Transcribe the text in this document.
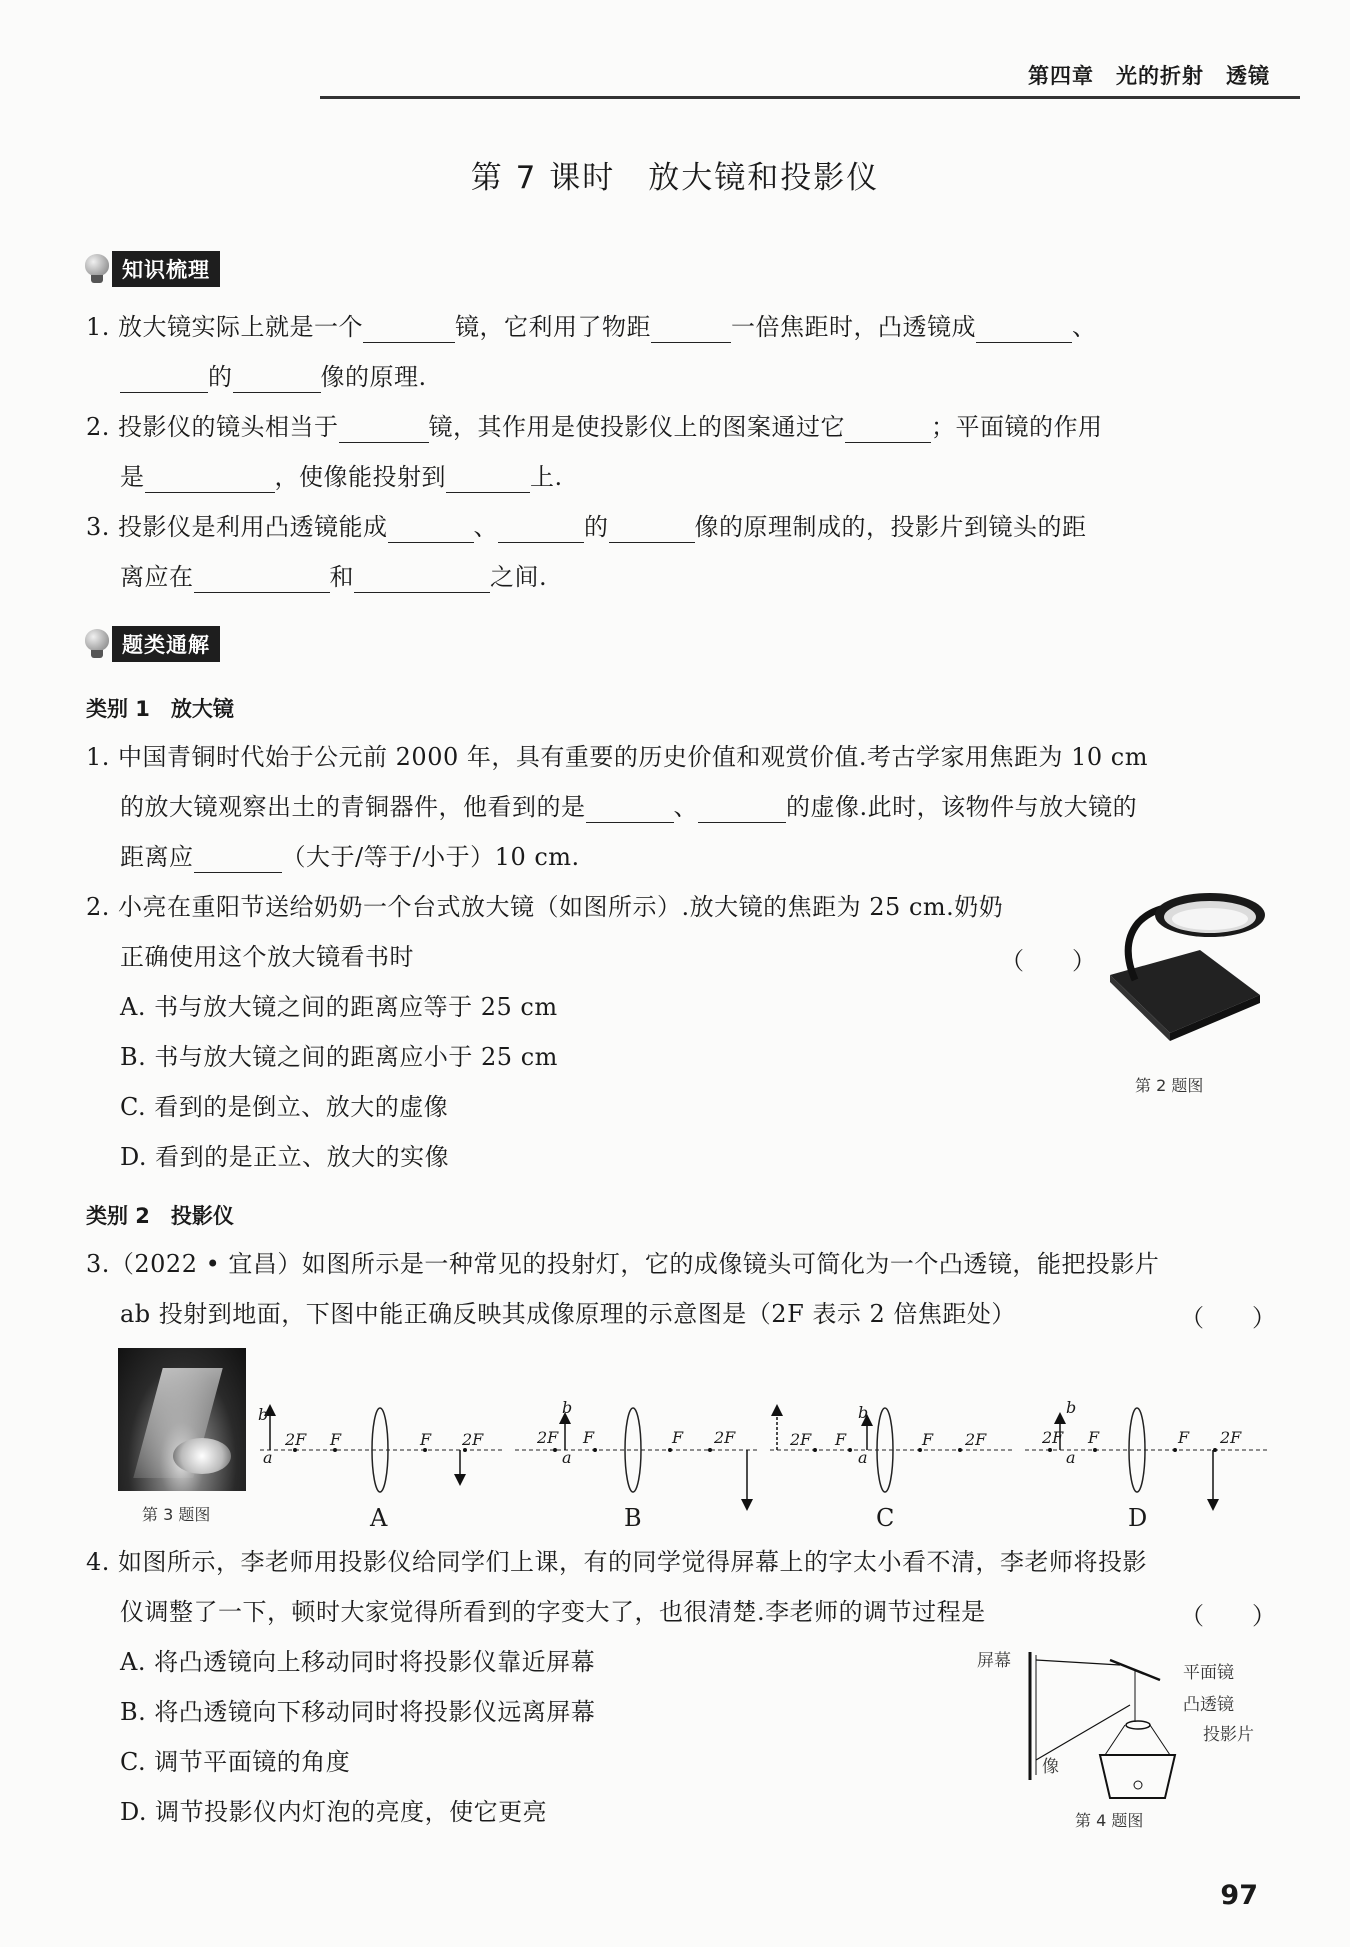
第四章　光的折射　透镜
第 7 课时　放大镜和投影仪
知识梳理
1. 放大镜实际上就是一个	镜，它利用了物距	一倍焦距时，凸透镜成	、
的	像的原理.
2. 投影仪的镜头相当于	镜，其作用是使投影仪上的图案通过它	；平面镜的作用
是	，使像能投射到	上.
3. 投影仪是利用凸透镜能成	、	的	像的原理制成的，投影片到镜头的距
离应在	和	之间.
题类通解
类别 1　放大镜
1. 中国青铜时代始于公元前 2000 年，具有重要的历史价值和观赏价值.考古学家用焦距为 10 cm
的放大镜观察出土的青铜器件，他看到的是	、	的虚像.此时，该物件与放大镜的
距离应	（大于/等于/小于）10 cm.
2. 小亮在重阳节送给奶奶一个台式放大镜（如图所示）.放大镜的焦距为 25 cm.奶奶
正确使用这个放大镜看书时	（　　）
A. 书与放大镜之间的距离应等于 25 cm
B. 书与放大镜之间的距离应小于 25 cm
C. 看到的是倒立、放大的虚像
D. 看到的是正立、放大的实像
第 2 题图
类别 2　投影仪
3.（2022 • 宜昌）如图所示是一种常见的投射灯，它的成像镜头可简化为一个凸透镜，能把投影片
ab 投射到地面，下图中能正确反映其成像原理的示意图是（2F 表示 2 倍焦距处）	（　　）
第 3 题图
b
a
2F F	F 2F
b
a
2F F	F 2F
b
a
2F F	F 2F
b
a
2F F	F 2F
A	B	C	D
4. 如图所示，李老师用投影仪给同学们上课，有的同学觉得屏幕上的字太小看不清，李老师将投影
仪调整了一下，顿时大家觉得所看到的字变大了，也很清楚.李老师的调节过程是	（　　）
A. 将凸透镜向上移动同时将投影仪靠近屏幕
B. 将凸透镜向下移动同时将投影仪远离屏幕
C. 调节平面镜的角度
D. 调节投影仪内灯泡的亮度，使它更亮
屏幕
平面镜
凸透镜
投影片
像
第 4 题图
97
